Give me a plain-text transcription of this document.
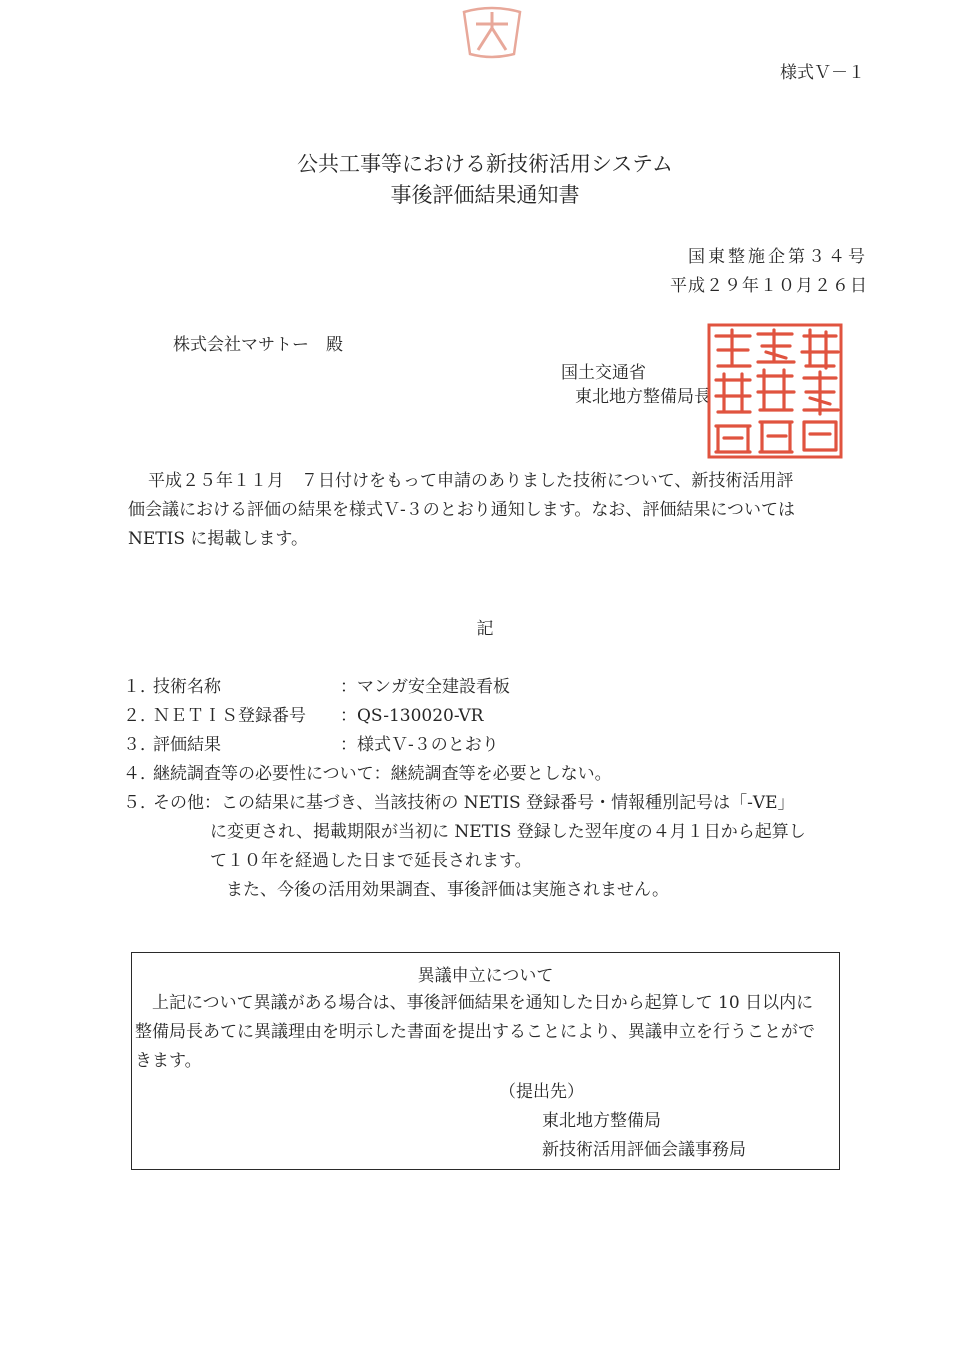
様式Ｖ－１
公共工事等における新技術活用システム
事後評価結果通知書
国東整施企第３４号
平成２９年１０月２６日
株式会社マサトー　殿
国土交通省
東北地方整備局長

平成２５年１１月　７日付けをもって申請のありました技術について、新技術活用評

価会議における評価の結果を様式Ｖ-３のとおり通知します。なお、評価結果については

NETIS に掲載します。

記
１．技術名称	：マンガ安全建設看板
２．ＮＥＴＩＳ登録番号 ：QS-130020-VR
３．評価結果	：様式Ｖ-３のとおり
４．継続調査等の必要性について：継続調査等を必要としない。
５．その他：この結果に基づき、当該技術の NETIS 登録番号・情報種別記号は「-VE」
に変更され、掲載期限が当初に NETIS 登録した翌年度の４月１日から起算し
て１０年を経過した日まで延長されます。
また、今後の活用効果調査、事後評価は実施されません。
異議申立について

上記について異議がある場合は、事後評価結果を通知した日から起算して 10 日以内に

整備局長あてに異議理由を明示した書面を提出することにより、異議申立を行うことがで

きます。

（提出先）
東北地方整備局
新技術活用評価会議事務局
